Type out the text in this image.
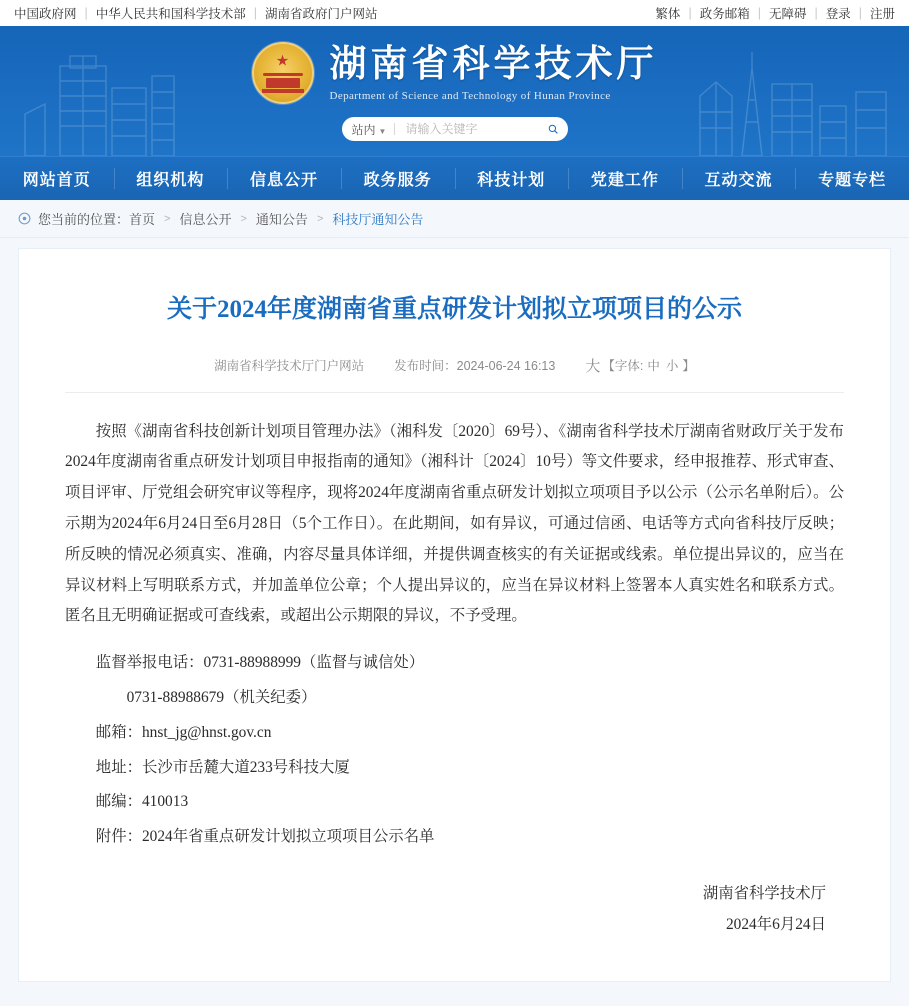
中国政府网 | 中华人民共和国科学技术部 | 湖南省政府门户网站	繁体 | 政务邮箱 | 无障碍 | 登录 | 注册
★ 湖南省科学技术厅
Department of Science and Technology of Hunan Province
站内 ▼
请输入关键字
网站首页	组织机构	信息公开	政务服务	科技计划	党建工作	互动交流	专题专栏
您当前的位置： 首页 > 信息公开 > 通知公告 > 科技厅通知公告
关于2024年度湖南省重点研发计划拟立项项目的公示
湖南省科学技术厅门户网站 发布时间：2024-06-24 16:13 大 【字体: 中 小 】

按照《湖南省科技创新计划项目管理办法》（湘科发〔2020〕69号）、《湖南省科学技术厅湖南省财政厅关于发布2024年度湖南省重点研发计划项目申报指南的通知》（湘科计〔2024〕10号）等文件要求，经申报推荐、形式审查、项目评审、厅党组会研究审议等程序，现将2024年度湖南省重点研发计划拟立项项目予以公示（公示名单附后）。公示期为2024年6月24日至6月28日（5个工作日）。在此期间，如有异议，可通过信函、电话等方式向省科技厅反映；所反映的情况必须真实、准确，内容尽量具体详细，并提供调查核实的有关证据或线索。单位提出异议的，应当在异议材料上写明联系方式，并加盖单位公章；个人提出异议的，应当在异议材料上签署本人真实姓名和联系方式。匿名且无明确证据或可查线索，或超出公示期限的异议，不予受理。

监督举报电话：0731-88988999（监督与诚信处）

0731-88988679（机关纪委）

邮箱：hnst_jg@hnst.gov.cn

地址：长沙市岳麓大道233号科技大厦

邮编：410013

附件：2024年省重点研发计划拟立项项目公示名单

湖南省科学技术厅

2024年6月24日
